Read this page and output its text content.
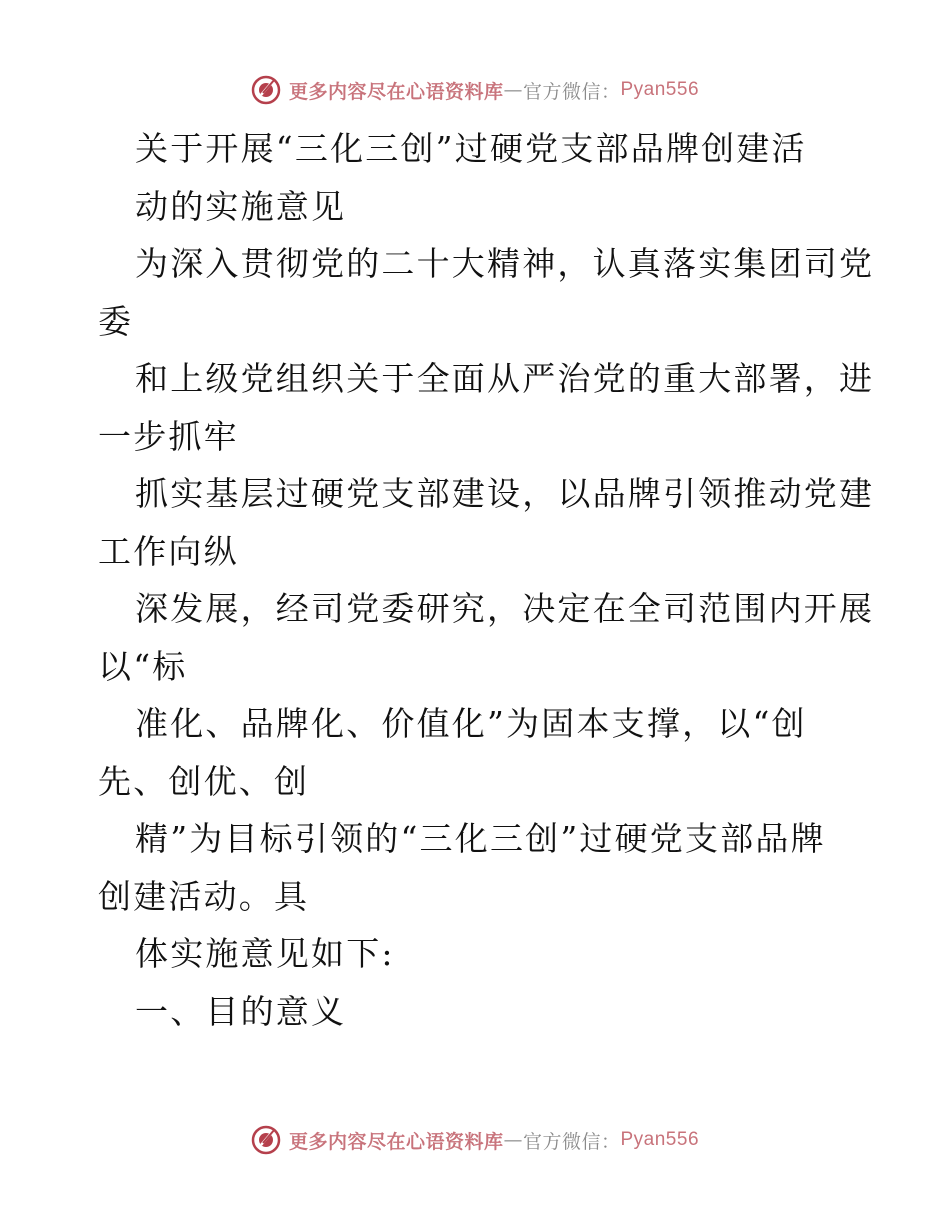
更多内容尽在心语资料库 — 官方微信： Pyan556
关于开展“三化三创”过硬党支部品牌创建活
动的实施意见
为深入贯彻党的二十大精神，认真落实集团司党
委
和上级党组织关于全面从严治党的重大部署，进
一步抓牢
抓实基层过硬党支部建设，以品牌引领推动党建
工作向纵
深发展，经司党委研究，决定在全司范围内开展
以“标
准化、品牌化、价值化”为固本支撑，以“创
先、创优、创
精”为目标引领的“三化三创”过硬党支部品牌
创建活动。具
体实施意见如下:
一、目的意义
更多内容尽在心语资料库 — 官方微信： Pyan556
